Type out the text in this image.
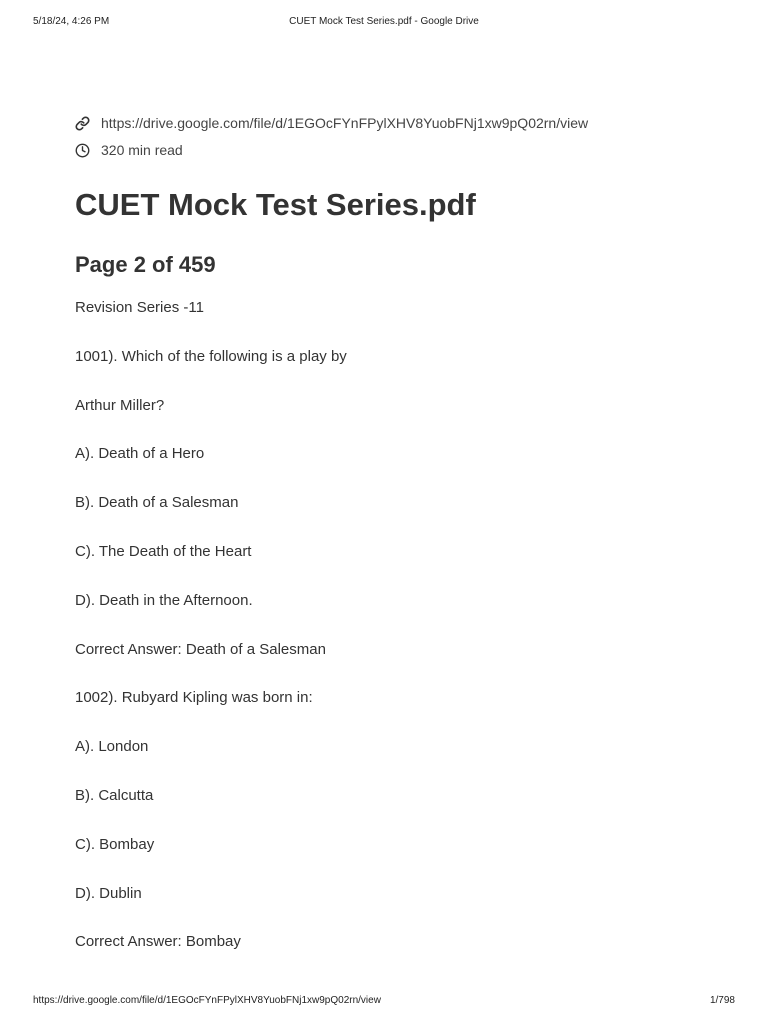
5/18/24, 4:26 PM	CUET Mock Test Series.pdf - Google Drive
https://drive.google.com/file/d/1EGOcFYnFPylXHV8YuobFNj1xw9pQ02rn/view
320 min read
CUET Mock Test Series.pdf
Page 2 of 459
Revision Series -11
1001). Which of the following is a play by
Arthur Miller?
A). Death of a Hero
B). Death of a Salesman
C). The Death of the Heart
D). Death in the Afternoon.
Correct Answer: Death of a Salesman
1002). Rubyard Kipling was born in:
A). London
B). Calcutta
C). Bombay
D). Dublin
Correct Answer: Bombay
https://drive.google.com/file/d/1EGOcFYnFPylXHV8YuobFNj1xw9pQ02rn/view	1/798
